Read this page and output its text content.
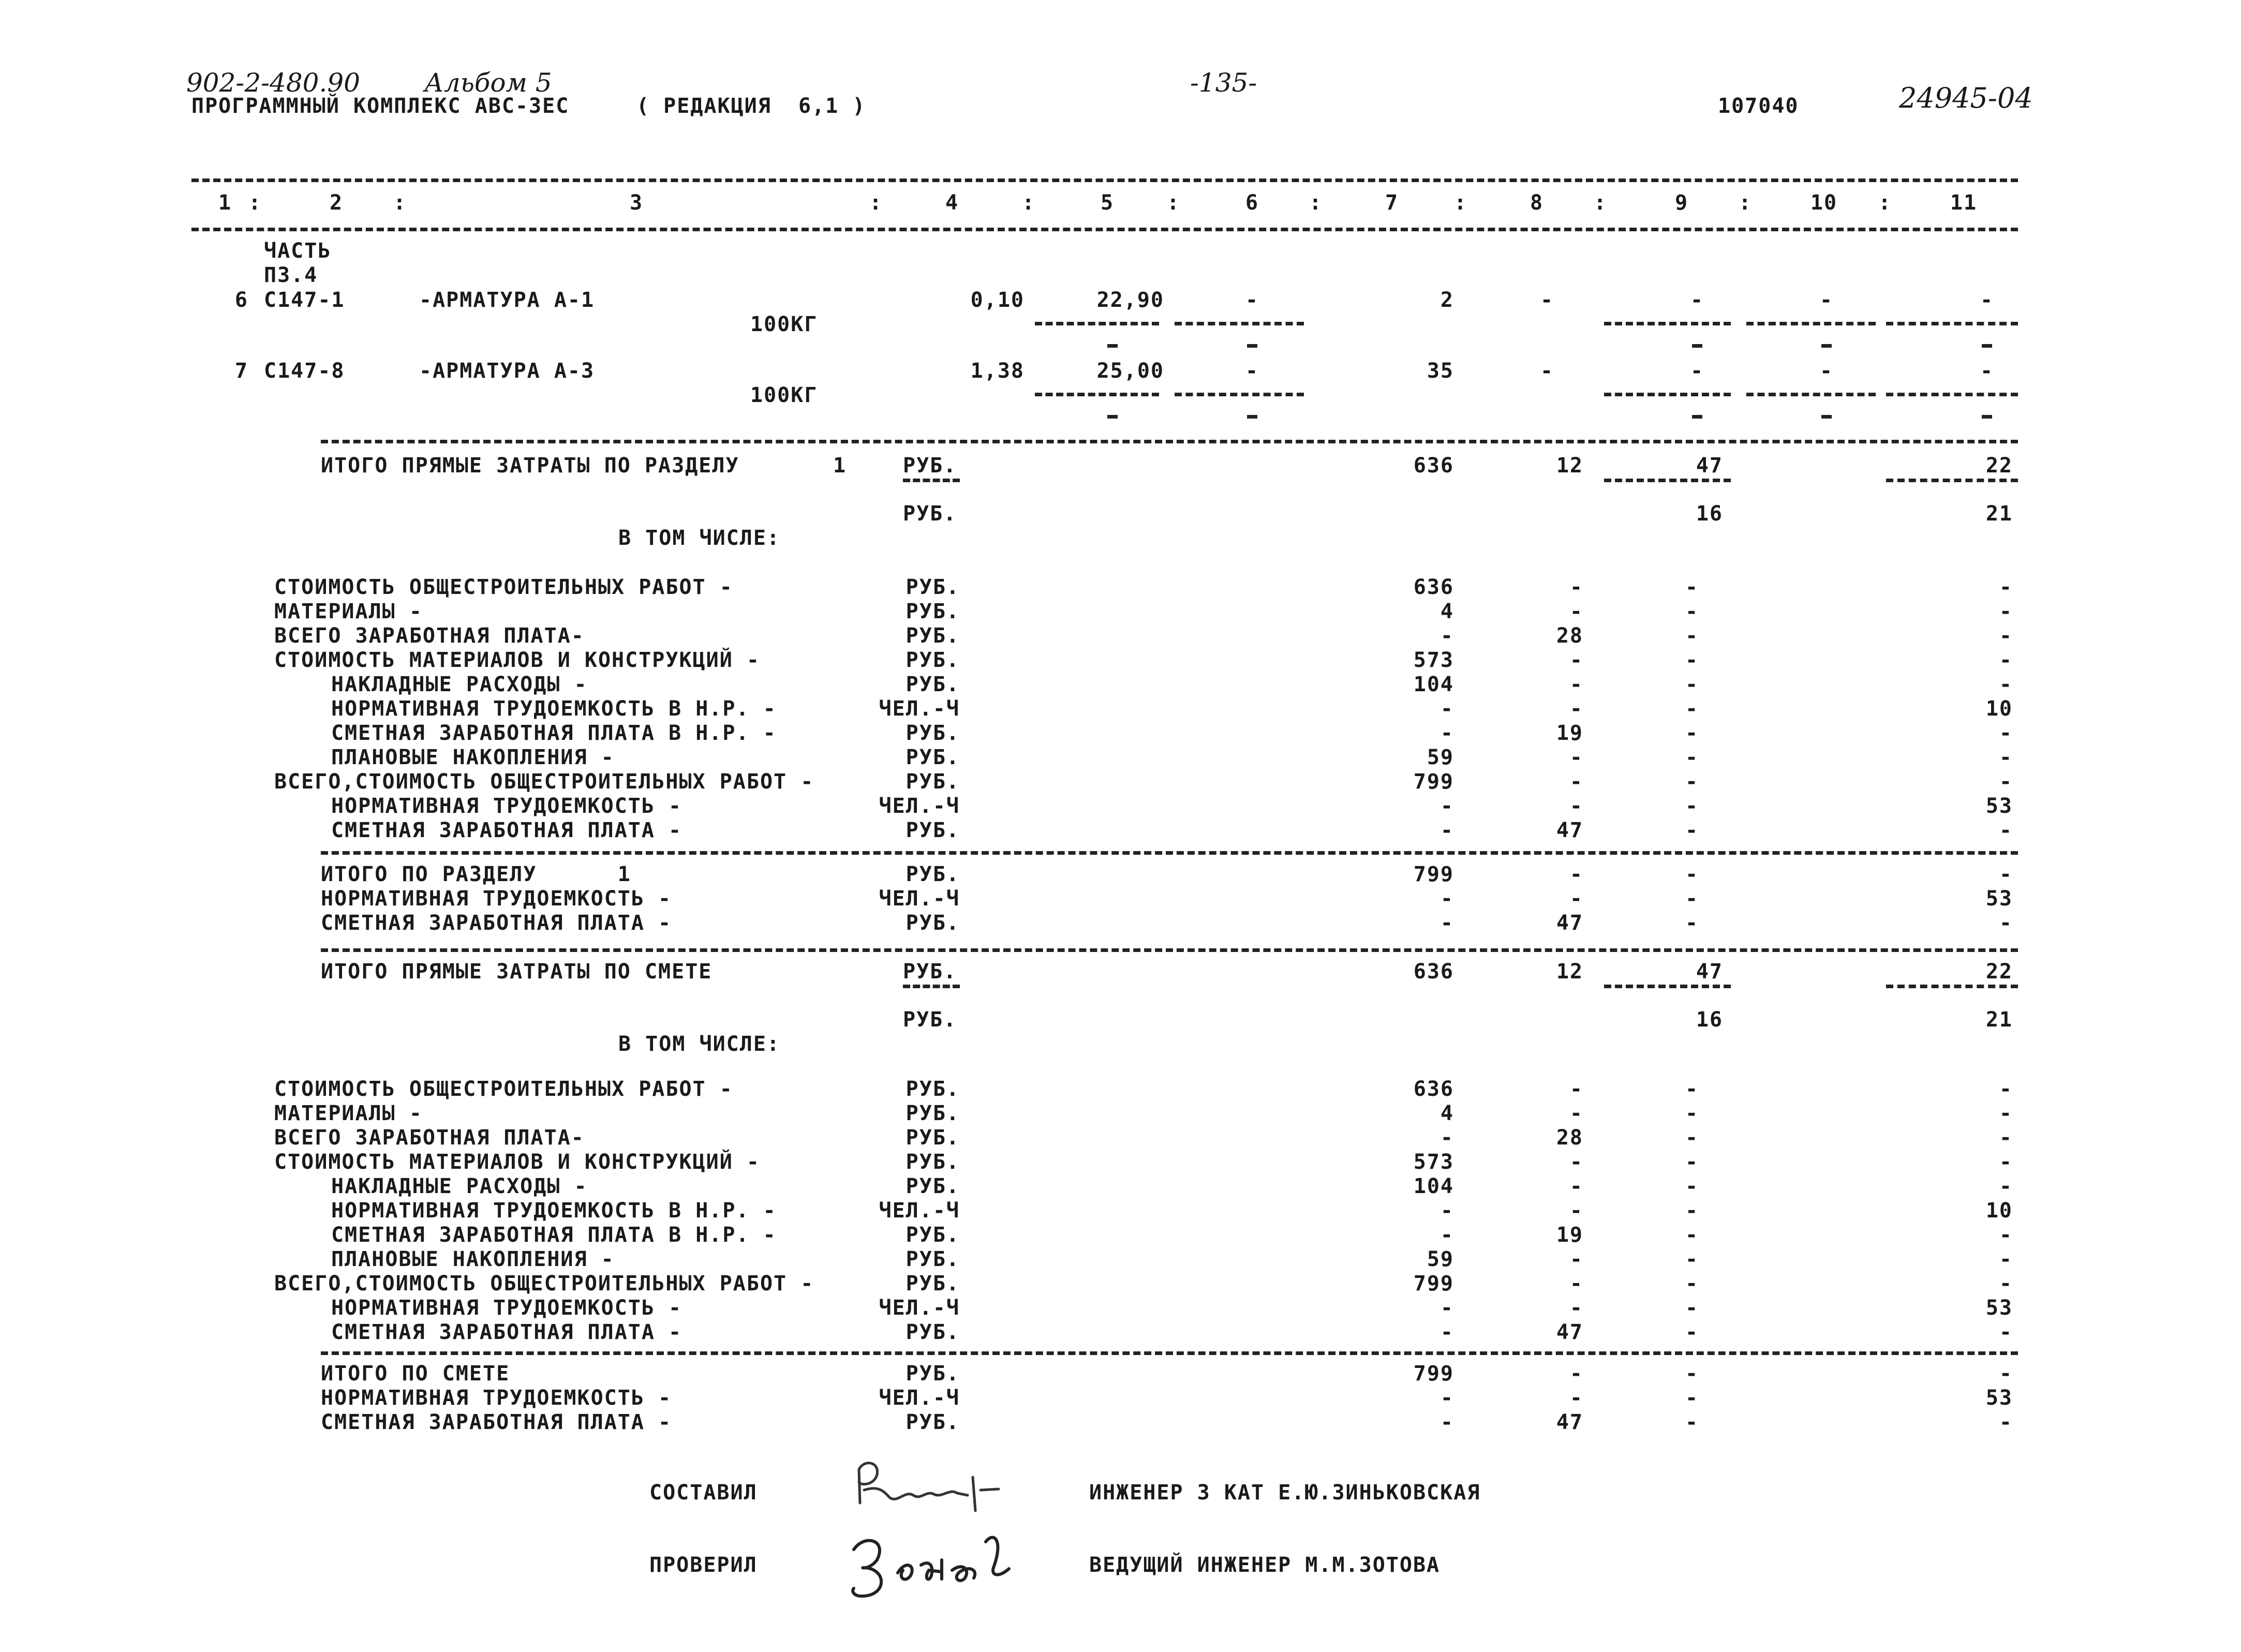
902-2-480.90 Альбом 5
ПРОГРАММНЫЙ КОМПЛЕКС АВС-3ЕС	( РЕДАКЦИЯ  6,1 )
-135-
107040	24945-04
1	2	3	4	5	6	7	8	9	10	11
:	:	:	:	:	:	:	:	:	:
ЧАСТЬ
П3.4
6 С147-1	-АРМАТУРА А-1
100КГ
0,10	22,90	-	2	-	-	-	-
7 С147-8	-АРМАТУРА А-3
100КГ
1,38	25,00	-	35	-	-	-	-
ИТОГО ПРЯМЫЕ ЗАТРАТЫ ПО РАЗДЕЛУ	1	РУБ.	636	12	47	22
РУБ.	16	21
В ТОМ ЧИСЛЕ:
СТОИМОСТЬ ОБЩЕСТРОИТЕЛЬНЫХ РАБОТ -	РУБ.	636	-	-	-
МАТЕРИАЛЫ -	РУБ.	4	-	-	-
ВСЕГО ЗАРАБОТНАЯ ПЛАТА-	РУБ.	-	28	-	-
СТОИМОСТЬ МАТЕРИАЛОВ И КОНСТРУКЦИЙ -	РУБ.	573	-	-	-
НАКЛАДНЫЕ РАСХОДЫ -	РУБ.	104	-	-	-
НОРМАТИВНАЯ ТРУДОЕМКОСТЬ В Н.Р. -	ЧЕЛ.-Ч	-	-	-	10
СМЕТНАЯ ЗАРАБОТНАЯ ПЛАТА В Н.Р. -	РУБ.	-	19	-	-
ПЛАНОВЫЕ НАКОПЛЕНИЯ -	РУБ.	59	-	-	-
ВСЕГО,СТОИМОСТЬ ОБЩЕСТРОИТЕЛЬНЫХ РАБОТ -	РУБ.	799	-	-	-
НОРМАТИВНАЯ ТРУДОЕМКОСТЬ -	ЧЕЛ.-Ч	-	-	-	53
СМЕТНАЯ ЗАРАБОТНАЯ ПЛАТА -	РУБ.	-	47	-	-
ИТОГО ПО РАЗДЕЛУ      1	РУБ.	799	-	-	-
НОРМАТИВНАЯ ТРУДОЕМКОСТЬ -	ЧЕЛ.-Ч	-	-	-	53
СМЕТНАЯ ЗАРАБОТНАЯ ПЛАТА -	РУБ.	-	47	-	-
ИТОГО ПРЯМЫЕ ЗАТРАТЫ ПО СМЕТЕ	РУБ.	636	12	47	22
РУБ.	16	21
В ТОМ ЧИСЛЕ:
СТОИМОСТЬ ОБЩЕСТРОИТЕЛЬНЫХ РАБОТ -	РУБ.	636	-	-	-
МАТЕРИАЛЫ -	РУБ.	4	-	-	-
ВСЕГО ЗАРАБОТНАЯ ПЛАТА-	РУБ.	-	28	-	-
СТОИМОСТЬ МАТЕРИАЛОВ И КОНСТРУКЦИЙ -	РУБ.	573	-	-	-
НАКЛАДНЫЕ РАСХОДЫ -	РУБ.	104	-	-	-
НОРМАТИВНАЯ ТРУДОЕМКОСТЬ В Н.Р. -	ЧЕЛ.-Ч	-	-	-	10
СМЕТНАЯ ЗАРАБОТНАЯ ПЛАТА В Н.Р. -	РУБ.	-	19	-	-
ПЛАНОВЫЕ НАКОПЛЕНИЯ -	РУБ.	59	-	-	-
ВСЕГО,СТОИМОСТЬ ОБЩЕСТРОИТЕЛЬНЫХ РАБОТ -	РУБ.	799	-	-	-
НОРМАТИВНАЯ ТРУДОЕМКОСТЬ -	ЧЕЛ.-Ч	-	-	-	53
СМЕТНАЯ ЗАРАБОТНАЯ ПЛАТА -	РУБ.	-	47	-	-
ИТОГО ПО СМЕТЕ	РУБ.	799	-	-	-
НОРМАТИВНАЯ ТРУДОЕМКОСТЬ -	ЧЕЛ.-Ч	-	-	-	53
СМЕТНАЯ ЗАРАБОТНАЯ ПЛАТА -	РУБ.	-	47	-	-
СОСТАВИЛ	ИНЖЕНЕР 3 КАТ Е.Ю.ЗИНЬКОВСКАЯ
ПРОВЕРИЛ	ВЕДУЩИЙ ИНЖЕНЕР М.М.ЗОТОВА
